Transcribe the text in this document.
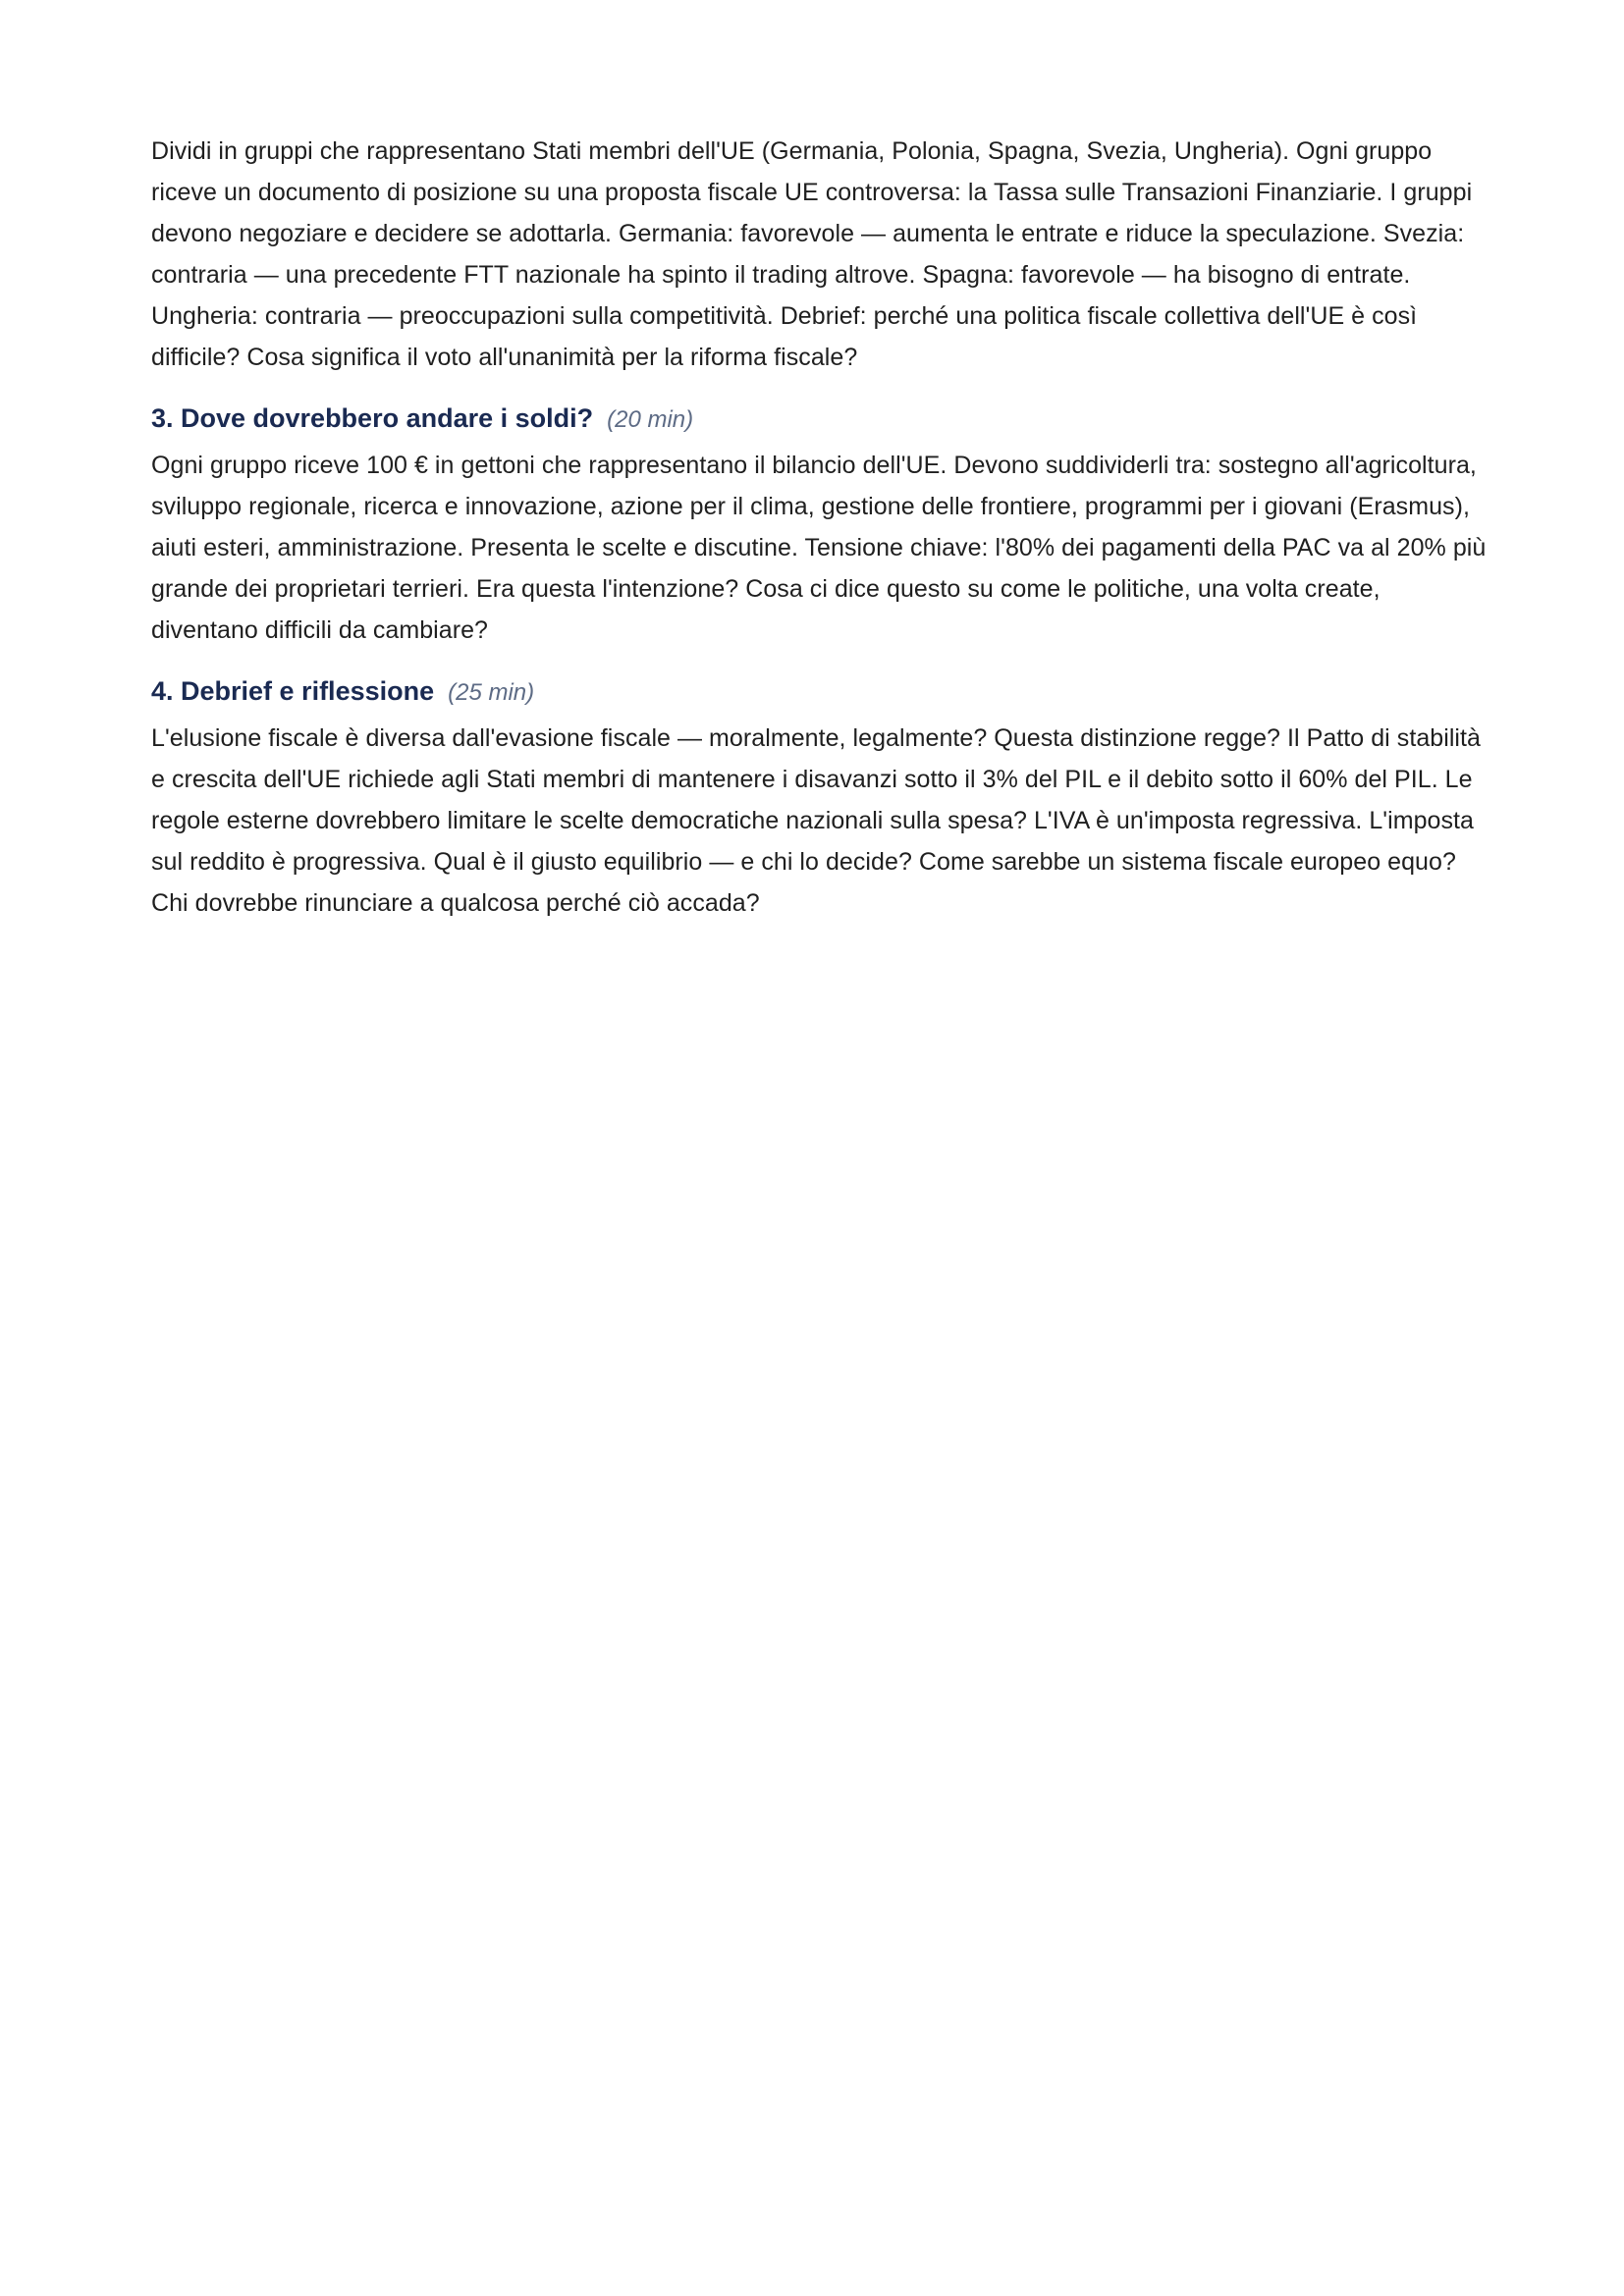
Dividi in gruppi che rappresentano Stati membri dell'UE (Germania, Polonia, Spagna, Svezia, Ungheria). Ogni gruppo riceve un documento di posizione su una proposta fiscale UE controversa: la Tassa sulle Transazioni Finanziarie. I gruppi devono negoziare e decidere se adottarla. Germania: favorevole — aumenta le entrate e riduce la speculazione. Svezia: contraria — una precedente FTT nazionale ha spinto il trading altrove. Spagna: favorevole — ha bisogno di entrate. Ungheria: contraria — preoccupazioni sulla competitività. Debrief: perché una politica fiscale collettiva dell'UE è così difficile? Cosa significa il voto all'unanimità per la riforma fiscale?

3. Dove dovrebbero andare i soldi? (20 min)

Ogni gruppo riceve 100 € in gettoni che rappresentano il bilancio dell'UE. Devono suddividerli tra: sostegno all'agricoltura, sviluppo regionale, ricerca e innovazione, azione per il clima, gestione delle frontiere, programmi per i giovani (Erasmus), aiuti esteri, amministrazione. Presenta le scelte e discutine. Tensione chiave: l'80% dei pagamenti della PAC va al 20% più grande dei proprietari terrieri. Era questa l'intenzione? Cosa ci dice questo su come le politiche, una volta create, diventano difficili da cambiare?

4. Debrief e riflessione (25 min)

L'elusione fiscale è diversa dall'evasione fiscale — moralmente, legalmente? Questa distinzione regge? Il Patto di stabilità e crescita dell'UE richiede agli Stati membri di mantenere i disavanzi sotto il 3% del PIL e il debito sotto il 60% del PIL. Le regole esterne dovrebbero limitare le scelte democratiche nazionali sulla spesa? L'IVA è un'imposta regressiva. L'imposta sul reddito è progressiva. Qual è il giusto equilibrio — e chi lo decide? Come sarebbe un sistema fiscale europeo equo? Chi dovrebbe rinunciare a qualcosa perché ciò accada?
